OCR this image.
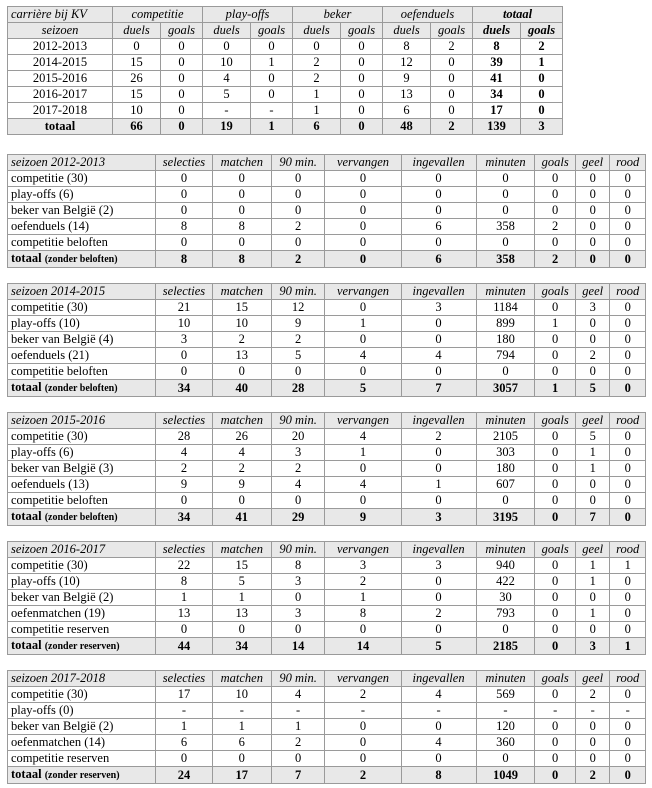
carrière bij KV	competitie		play-offs		beker		oefenduels		totaal	
seizoen	duels	goals	duels	goals	duels	goals	duels	goals	duels	goals
2012-2013	0	0	0	0	0	0	8	2	8	2
2014-2015	15	0	10	1	2	0	12	0	39	1
2015-2016	26	0	4	0	2	0	9	0	41	0
2016-2017	15	0	5	0	1	0	13	0	34	0
2017-2018	10	0	-	-	1	0	6	0	17	0
totaal	66	0	19	1	6	0	48	2	139	3
seizoen 2012-2013	selecties	matchen	90 min.	vervangen	ingevallen	minuten	goals	geel	rood
competitie (30)	0	0	0	0	0	0	0	0	0
play-offs (6)	0	0	0	0	0	0	0	0	0
beker van België (2)	0	0	0	0	0	0	0	0	0
oefenduels (14)	8	8	2	0	6	358	2	0	0
competitie beloften	0	0	0	0	0	0	0	0	0
totaal (zonder beloften)	8	8	2	0	6	358	2	0	0
seizoen 2014-2015	selecties	matchen	90 min.	vervangen	ingevallen	minuten	goals	geel	rood
competitie (30)	21	15	12	0	3	1184	0	3	0
play-offs (10)	10	10	9	1	0	899	1	0	0
beker van België (4)	3	2	2	0	0	180	0	0	0
oefenduels (21)	0	13	5	4	4	794	0	2	0
competitie beloften	0	0	0	0	0	0	0	0	0
totaal (zonder beloften)	34	40	28	5	7	3057	1	5	0
seizoen 2015-2016	selecties	matchen	90 min.	vervangen	ingevallen	minuten	goals	geel	rood
competitie (30)	28	26	20	4	2	2105	0	5	0
play-offs (6)	4	4	3	1	0	303	0	1	0
beker van België (3)	2	2	2	0	0	180	0	1	0
oefenduels (13)	9	9	4	4	1	607	0	0	0
competitie beloften	0	0	0	0	0	0	0	0	0
totaal (zonder beloften)	34	41	29	9	3	3195	0	7	0
seizoen 2016-2017	selecties	matchen	90 min.	vervangen	ingevallen	minuten	goals	geel	rood
competitie (30)	22	15	8	3	3	940	0	1	1
play-offs (10)	8	5	3	2	0	422	0	1	0
beker van België (2)	1	1	0	1	0	30	0	0	0
oefenmatchen (19)	13	13	3	8	2	793	0	1	0
competitie reserven	0	0	0	0	0	0	0	0	0
totaal (zonder reserven)	44	34	14	14	5	2185	0	3	1
seizoen 2017-2018	selecties	matchen	90 min.	vervangen	ingevallen	minuten	goals	geel	rood
competitie (30)	17	10	4	2	4	569	0	2	0
play-offs (0)	-	-	-	-	-	-	-	-	-
beker van België (2)	1	1	1	0	0	120	0	0	0
oefenmatchen (14)	6	6	2	0	4	360	0	0	0
competitie reserven	0	0	0	0	0	0	0	0	0
totaal (zonder reserven)	24	17	7	2	8	1049	0	2	0
